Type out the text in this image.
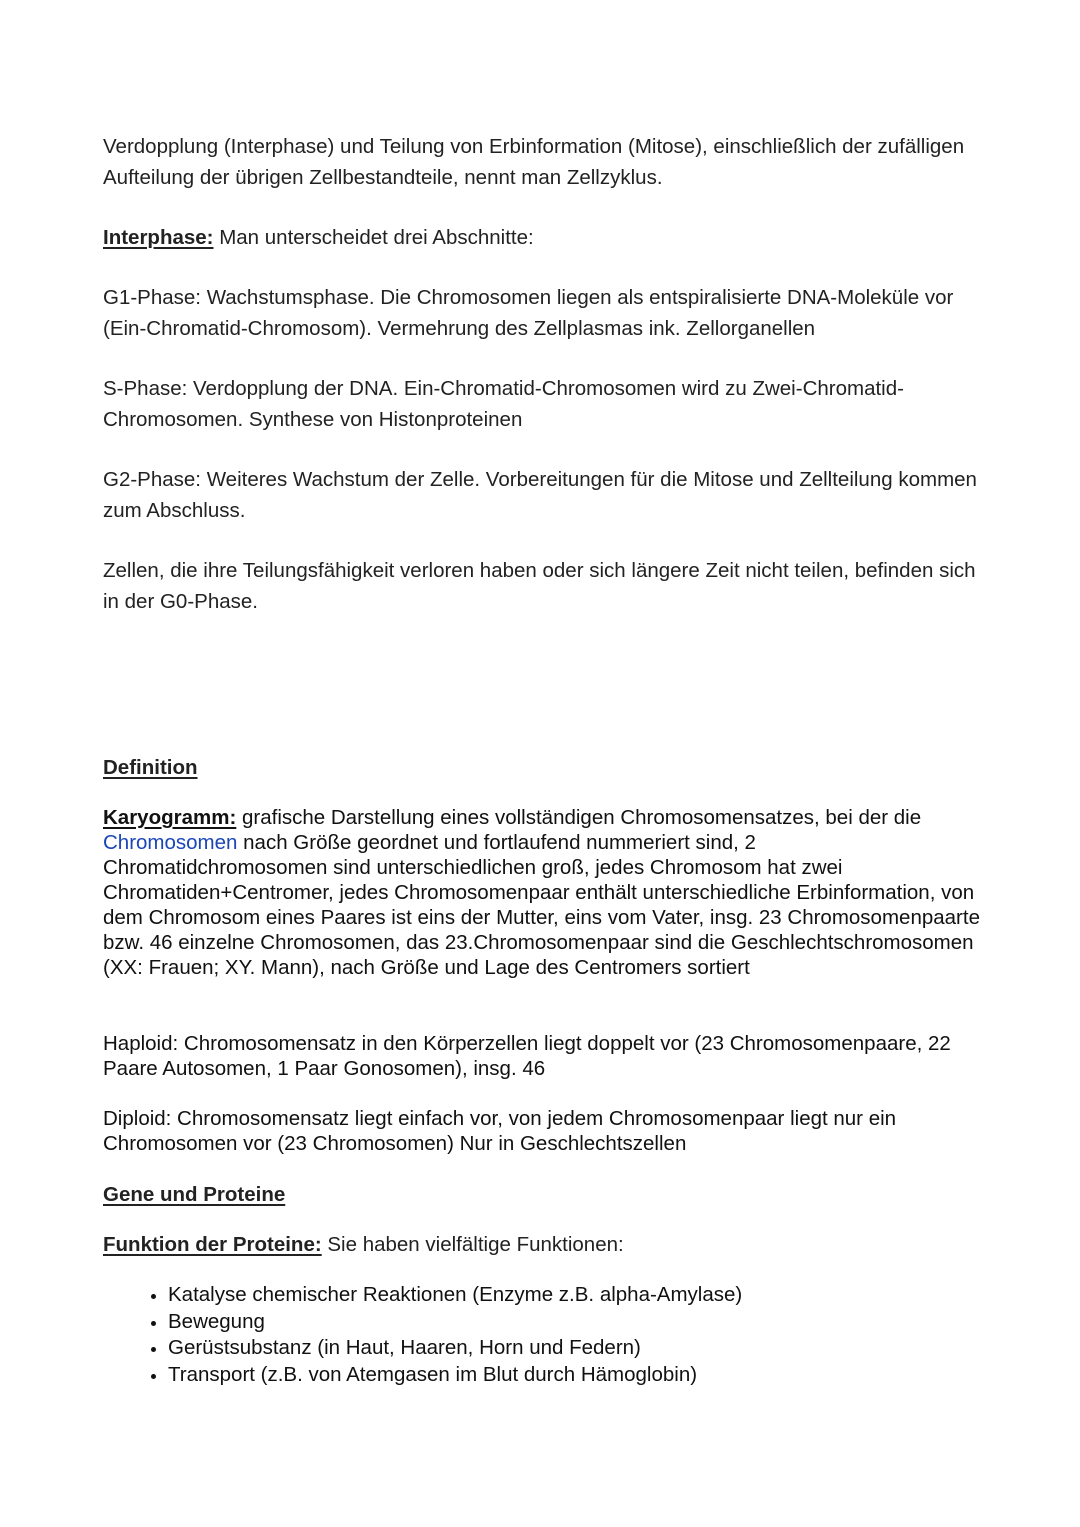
Verdopplung (Interphase) und Teilung von Erbinformation (Mitose), einschließlich der zufälligen Aufteilung der übrigen Zellbestandteile, nennt man Zellzyklus.

Interphase: Man unterscheidet drei Abschnitte:

G1-Phase: Wachstumsphase. Die Chromosomen liegen als entspiralisierte DNA-Moleküle vor (Ein-Chromatid-Chromosom). Vermehrung des Zellplasmas ink. Zellorganellen

S-Phase: Verdopplung der DNA. Ein-Chromatid-Chromosomen wird zu Zwei-Chromatid-Chromosomen. Synthese von Histonproteinen

G2-Phase: Weiteres Wachstum der Zelle. Vorbereitungen für die Mitose und Zellteilung kommen zum Abschluss.

Zellen, die ihre Teilungsfähigkeit verloren haben oder sich längere Zeit nicht teilen, befinden sich in der G0-Phase.

Definition

Karyogramm: grafische Darstellung eines vollständigen Chromosomensatzes, bei der die Chromosomen nach Größe geordnet und fortlaufend nummeriert sind, 2 Chromatidchromosomen sind unterschiedlichen groß, jedes Chromosom hat zwei Chromatiden+Centromer, jedes Chromosomenpaar enthält unterschiedliche Erbinformation, von dem Chromosom eines Paares ist eins der Mutter, eins vom Vater, insg. 23 Chromosomenpaarte bzw. 46 einzelne Chromosomen, das 23.Chromosomenpaar sind die Geschlechtschromosomen (XX: Frauen; XY. Mann), nach Größe und Lage des Centromers sortiert

Haploid: Chromosomensatz in den Körperzellen liegt doppelt vor (23 Chromosomenpaare, 22 Paare Autosomen, 1 Paar Gonosomen), insg. 46

Diploid: Chromosomensatz liegt einfach vor, von jedem Chromosomenpaar liegt nur ein Chromosomen vor (23 Chromosomen) Nur in Geschlechtszellen

Gene und Proteine

Funktion der Proteine: Sie haben vielfältige Funktionen:

• Katalyse chemischer Reaktionen (Enzyme z.B. alpha-Amylase)
• Bewegung
• Gerüstsubstanz (in Haut, Haaren, Horn und Federn)
• Transport (z.B. von Atemgasen im Blut durch Hämoglobin)
